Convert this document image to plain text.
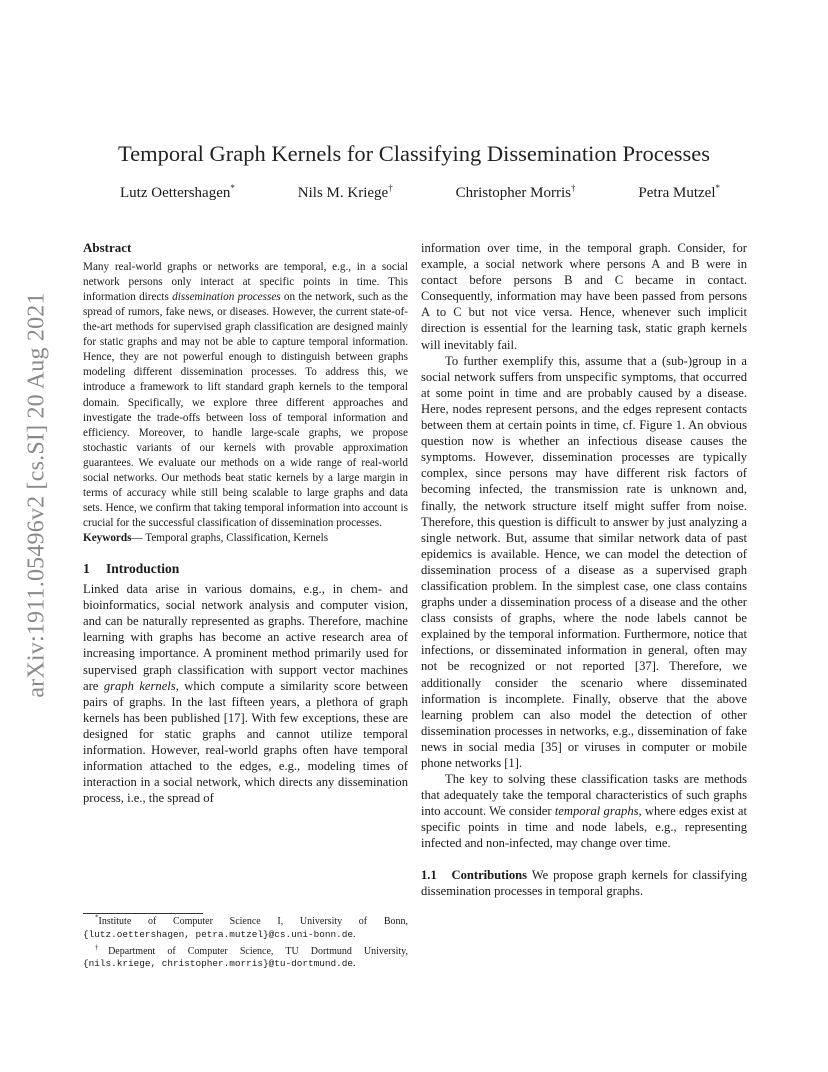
arXiv:1911.05496v2 [cs.SI] 20 Aug 2021
Temporal Graph Kernels for Classifying Dissemination Processes
Lutz Oettershagen*	Nils M. Kriege†	Christopher Morris†	Petra Mutzel*
Abstract

Many real-world graphs or networks are temporal, e.g., in a social network persons only interact at specific points in time. This information directs dissemination processes on the network, such as the spread of rumors, fake news, or diseases. However, the current state-of-the-art methods for supervised graph classification are designed mainly for static graphs and may not be able to capture temporal information. Hence, they are not powerful enough to distinguish between graphs modeling different dissemination processes. To address this, we introduce a framework to lift standard graph kernels to the temporal domain. Specifically, we explore three different approaches and investigate the trade-offs between loss of temporal information and efficiency. Moreover, to handle large-scale graphs, we propose stochastic variants of our kernels with provable approximation guarantees. We evaluate our methods on a wide range of real-world social networks. Our methods beat static kernels by a large margin in terms of accuracy while still being scalable to large graphs and data sets. Hence, we confirm that taking temporal information into account is crucial for the successful classification of dissemination processes.

Keywords— Temporal graphs, Classification, Kernels

1 Introduction

Linked data arise in various domains, e.g., in chem- and bioinformatics, social network analysis and computer vision, and can be naturally represented as graphs. Therefore, machine learning with graphs has become an active research area of increasing importance. A prominent method primarily used for supervised graph classification with support vector machines are graph kernels, which compute a similarity score between pairs of graphs. In the last fifteen years, a plethora of graph kernels has been published [17]. With few exceptions, these are designed for static graphs and cannot utilize temporal information. However, real-world graphs often have temporal information attached to the edges, e.g., modeling times of interaction in a social network, which directs any dissemination process, i.e., the spread of

*Institute of Computer Science I, University of Bonn, {lutz.oettershagen, petra.mutzel}@cs.uni-bonn.de.

†Department of Computer Science, TU Dortmund University, {nils.kriege, christopher.morris}@tu-dortmund.de.

information over time, in the temporal graph. Consider, for example, a social network where persons A and B were in contact before persons B and C became in contact. Consequently, information may have been passed from persons A to C but not vice versa. Hence, whenever such implicit direction is essential for the learning task, static graph kernels will inevitably fail.

To further exemplify this, assume that a (sub-)group in a social network suffers from unspecific symptoms, that occurred at some point in time and are probably caused by a disease. Here, nodes represent persons, and the edges represent contacts between them at certain points in time, cf. Figure 1. An obvious question now is whether an infectious disease causes the symptoms. However, dissemination processes are typically complex, since persons may have different risk factors of becoming infected, the transmission rate is unknown and, finally, the network structure itself might suffer from noise. Therefore, this question is difficult to answer by just analyzing a single network. But, assume that similar network data of past epidemics is available. Hence, we can model the detection of dissemination process of a disease as a supervised graph classification problem. In the simplest case, one class contains graphs under a dissemination process of a disease and the other class consists of graphs, where the node labels cannot be explained by the temporal information. Furthermore, notice that infections, or disseminated information in general, often may not be recognized or not reported [37]. Therefore, we additionally consider the scenario where disseminated information is incomplete. Finally, observe that the above learning problem can also model the detection of other dissemination processes in networks, e.g., dissemination of fake news in social media [35] or viruses in computer or mobile phone networks [1].

The key to solving these classification tasks are methods that adequately take the temporal characteristics of such graphs into account. We consider temporal graphs, where edges exist at specific points in time and node labels, e.g., representing infected and non-infected, may change over time.

1.1 Contributions We propose graph kernels for classifying dissemination processes in temporal graphs.
